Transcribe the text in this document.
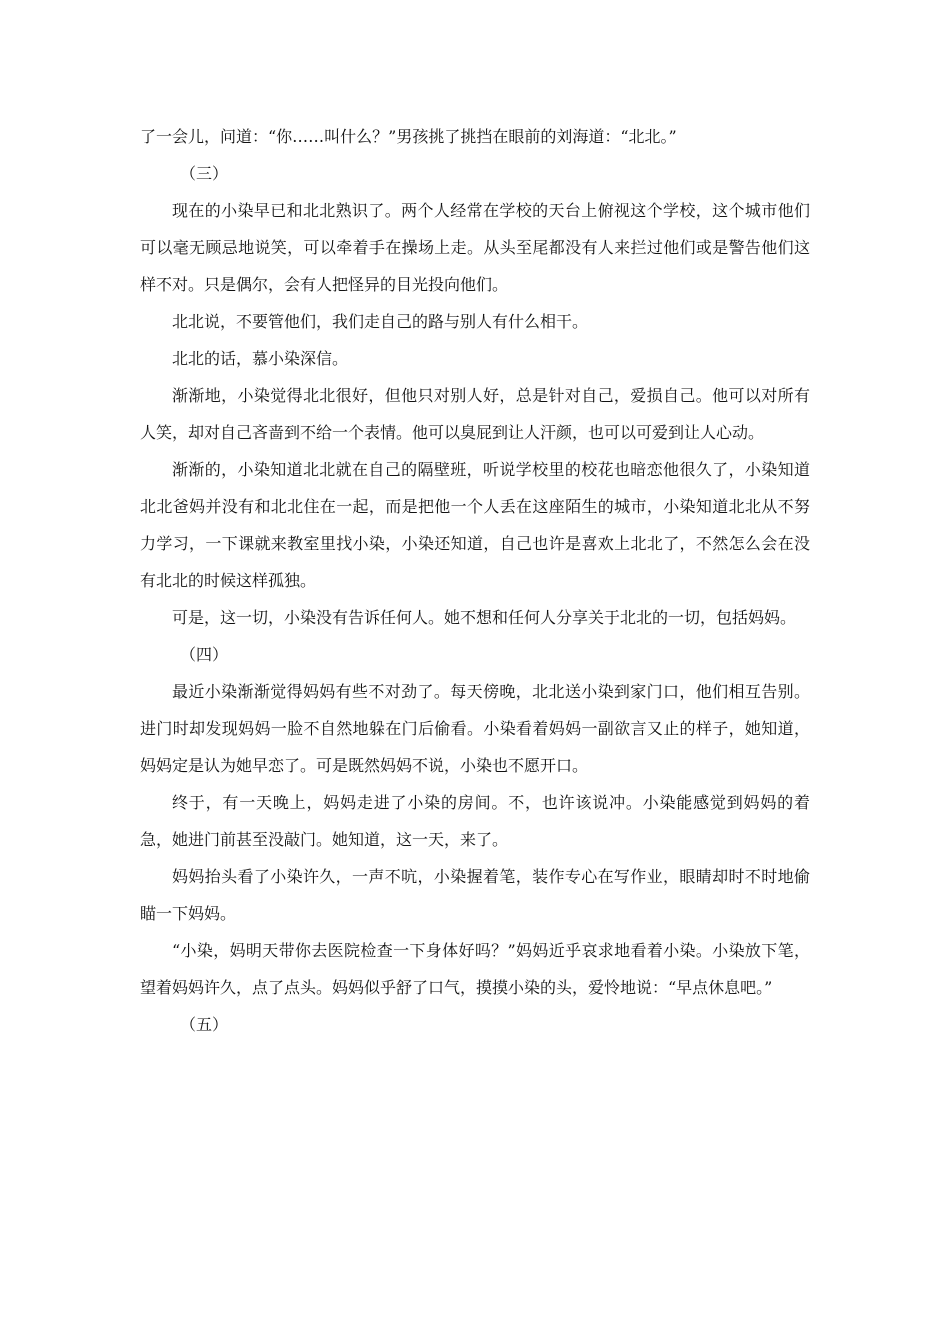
了一会儿，问道：“你……叫什么？”男孩挑了挑挡在眼前的刘海道：“北北。”

（三）

现在的小染早已和北北熟识了。两个人经常在学校的天台上俯视这个学校，这个城市他们可以毫无顾忌地说笑，可以牵着手在操场上走。从头至尾都没有人来拦过他们或是警告他们这样不对。只是偶尔，会有人把怪异的目光投向他们。

北北说，不要管他们，我们走自己的路与别人有什么相干。

北北的话，慕小染深信。

渐渐地，小染觉得北北很好，但他只对别人好，总是针对自己，爱损自己。他可以对所有人笑，却对自己吝啬到不给一个表情。他可以臭屁到让人汗颜，也可以可爱到让人心动。

渐渐的，小染知道北北就在自己的隔壁班，听说学校里的校花也暗恋他很久了，小染知道北北爸妈并没有和北北住在一起，而是把他一个人丢在这座陌生的城市，小染知道北北从不努力学习，一下课就来教室里找小染，小染还知道，自己也许是喜欢上北北了，不然怎么会在没有北北的时候这样孤独。

可是，这一切，小染没有告诉任何人。她不想和任何人分享关于北北的一切，包括妈妈。

（四）

最近小染渐渐觉得妈妈有些不对劲了。每天傍晚，北北送小染到家门口，他们相互告别。进门时却发现妈妈一脸不自然地躲在门后偷看。小染看着妈妈一副欲言又止的样子，她知道，妈妈定是认为她早恋了。可是既然妈妈不说，小染也不愿开口。

终于，有一天晚上，妈妈走进了小染的房间。不，也许该说冲。小染能感觉到妈妈的着急，她进门前甚至没敲门。她知道，这一天，来了。

妈妈抬头看了小染许久，一声不吭，小染握着笔，装作专心在写作业，眼睛却时不时地偷瞄一下妈妈。

“小染，妈明天带你去医院检查一下身体好吗？”妈妈近乎哀求地看着小染。小染放下笔，望着妈妈许久，点了点头。妈妈似乎舒了口气，摸摸小染的头，爱怜地说：“早点休息吧。”

（五）
